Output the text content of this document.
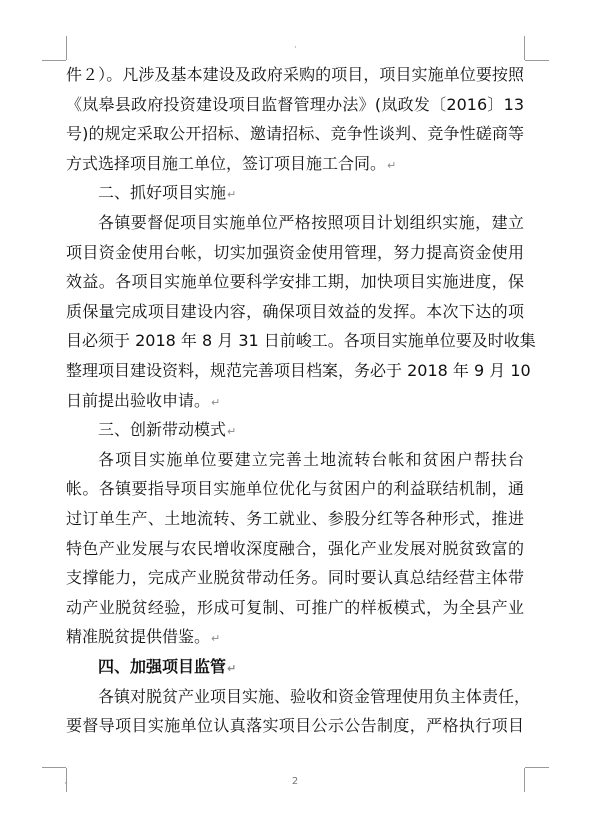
·
·
件２）。凡涉及基本建设及政府采购的项目，项目实施单位要按照
《岚皋县政府投资建设项目监督管理办法》(岚政发〔2016〕13
号)的规定采取公开招标、邀请招标、竞争性谈判、竞争性磋商等
方式选择项目施工单位，签订项目施工合同。↵
二、抓好项目实施↵
各镇要督促项目实施单位严格按照项目计划组织实施，建立
项目资金使用台帐，切实加强资金使用管理，努力提高资金使用
效益。各项目实施单位要科学安排工期，加快项目实施进度，保
质保量完成项目建设内容，确保项目效益的发挥。本次下达的项
目必须于 2018 年 8 月 31 日前峻工。各项目实施单位要及时收集
整理项目建设资料，规范完善项目档案，务必于 2018 年 9 月 10
日前提出验收申请。↵
三、创新带动模式↵
各项目实施单位要建立完善土地流转台帐和贫困户帮扶台
帐。各镇要指导项目实施单位优化与贫困户的利益联结机制，通
过订单生产、土地流转、务工就业、参股分红等各种形式，推进
特色产业发展与农民增收深度融合，强化产业发展对脱贫致富的
支撑能力，完成产业脱贫带动任务。同时要认真总结经营主体带
动产业脱贫经验，形成可复制、可推广的样板模式，为全县产业
精准脱贫提供借鉴。↵
四、加强项目监管↵
各镇对脱贫产业项目实施、验收和资金管理使用负主体责任，
要督导项目实施单位认真落实项目公示公告制度，严格执行项目
2
